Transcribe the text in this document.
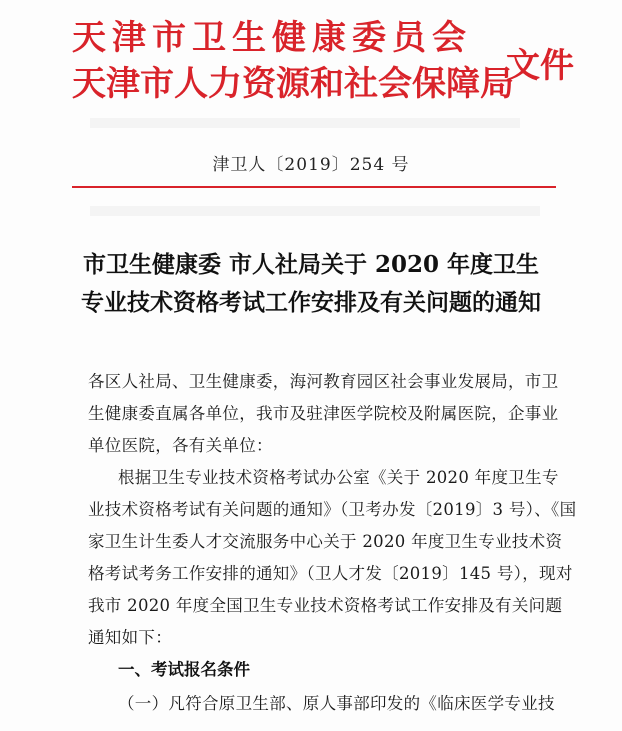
天津市卫生健康委员会
天津市人力资源和社会保障局
文件
津卫人〔2019〕254 号
市卫生健康委 市人社局关于 2020 年度卫生
专业技术资格考试工作安排及有关问题的通知
各区人社局、卫生健康委，海河教育园区社会事业发展局，市卫
生健康委直属各单位，我市及驻津医学院校及附属医院，企事业
单位医院，各有关单位：
根据卫生专业技术资格考试办公室《关于 2020 年度卫生专
业技术资格考试有关问题的通知》（卫考办发〔2019〕3 号）、《国
家卫生计生委人才交流服务中心关于 2020 年度卫生专业技术资
格考试考务工作安排的通知》（卫人才发〔2019〕145 号），现对
我市 2020 年度全国卫生专业技术资格考试工作安排及有关问题
通知如下：
一、考试报名条件
（一）凡符合原卫生部、原人事部印发的《临床医学专业技
